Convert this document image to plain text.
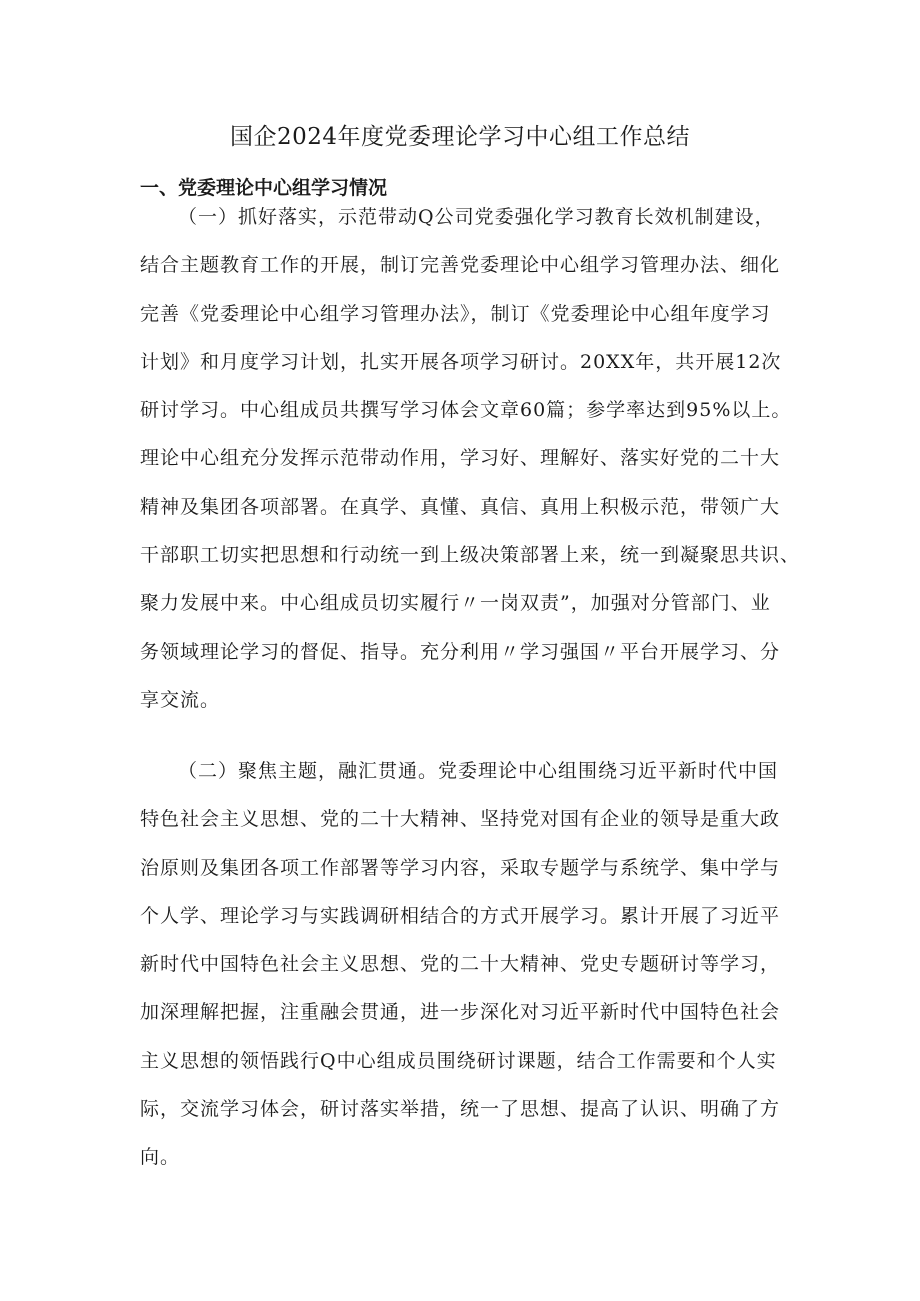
国企2024年度党委理论学习中心组工作总结
一、党委理论中心组学习情况
（一）抓好落实，示范带动Q公司党委强化学习教育长效机制建设，
结合主题教育工作的开展，制订完善党委理论中心组学习管理办法、细化
完善《党委理论中心组学习管理办法》，制订《党委理论中心组年度学习
计划》和月度学习计划，扎实开展各项学习研讨。20XX年，共开展12次
研讨学习。中心组成员共撰写学习体会文章60篇；参学率达到95%以上。
理论中心组充分发挥示范带动作用，学习好、理解好、落实好党的二十大
精神及集团各项部署。在真学、真懂、真信、真用上积极示范，带领广大
干部职工切实把思想和行动统一到上级决策部署上来，统一到凝聚思共识、
聚力发展中来。中心组成员切实履行〃一岗双责”，加强对分管部门、业
务领域理论学习的督促、指导。充分利用〃学习强国〃平台开展学习、分
享交流。
（二）聚焦主题，融汇贯通。党委理论中心组围绕习近平新时代中国
特色社会主义思想、党的二十大精神、坚持党对国有企业的领导是重大政
治原则及集团各项工作部署等学习内容，采取专题学与系统学、集中学与
个人学、理论学习与实践调研相结合的方式开展学习。累计开展了习近平
新时代中国特色社会主义思想、党的二十大精神、党史专题研讨等学习，
加深理解把握，注重融会贯通，进一步深化对习近平新时代中国特色社会
主义思想的领悟践行Q中心组成员围绕研讨课题，结合工作需要和个人实
际，交流学习体会，研讨落实举措，统一了思想、提高了认识、明确了方
向。
